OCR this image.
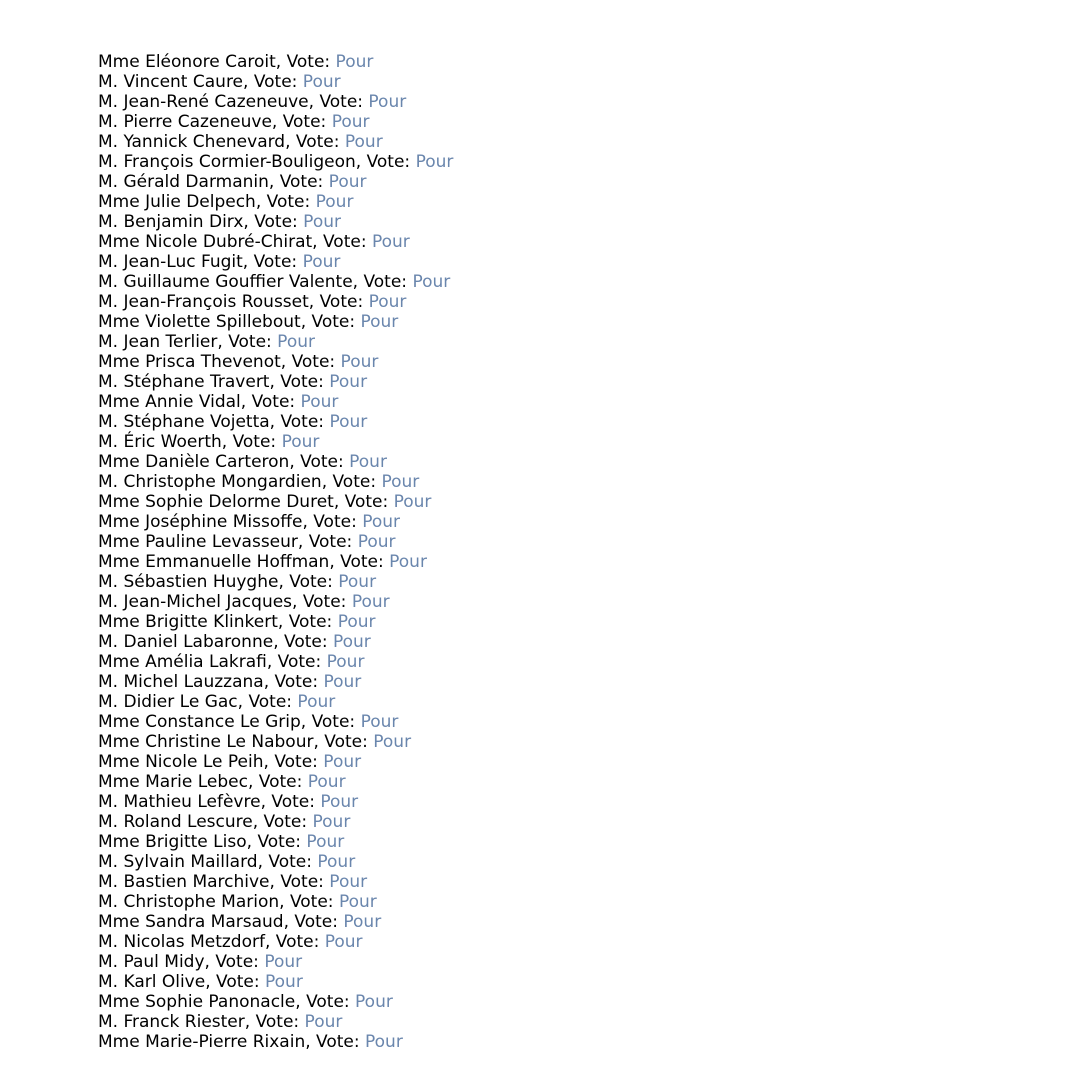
Mme Eléonore Caroit, Vote: Pour
M. Vincent Caure, Vote: Pour
M. Jean-René Cazeneuve, Vote: Pour
M. Pierre Cazeneuve, Vote: Pour
M. Yannick Chenevard, Vote: Pour
M. François Cormier-Bouligeon, Vote: Pour
M. Gérald Darmanin, Vote: Pour
Mme Julie Delpech, Vote: Pour
M. Benjamin Dirx, Vote: Pour
Mme Nicole Dubré-Chirat, Vote: Pour
M. Jean-Luc Fugit, Vote: Pour
M. Guillaume Gouffier Valente, Vote: Pour
M. Jean-François Rousset, Vote: Pour
Mme Violette Spillebout, Vote: Pour
M. Jean Terlier, Vote: Pour
Mme Prisca Thevenot, Vote: Pour
M. Stéphane Travert, Vote: Pour
Mme Annie Vidal, Vote: Pour
M. Stéphane Vojetta, Vote: Pour
M. Éric Woerth, Vote: Pour
Mme Danièle Carteron, Vote: Pour
M. Christophe Mongardien, Vote: Pour
Mme Sophie Delorme Duret, Vote: Pour
Mme Joséphine Missoffe, Vote: Pour
Mme Pauline Levasseur, Vote: Pour
Mme Emmanuelle Hoffman, Vote: Pour
M. Sébastien Huyghe, Vote: Pour
M. Jean-Michel Jacques, Vote: Pour
Mme Brigitte Klinkert, Vote: Pour
M. Daniel Labaronne, Vote: Pour
Mme Amélia Lakrafi, Vote: Pour
M. Michel Lauzzana, Vote: Pour
M. Didier Le Gac, Vote: Pour
Mme Constance Le Grip, Vote: Pour
Mme Christine Le Nabour, Vote: Pour
Mme Nicole Le Peih, Vote: Pour
Mme Marie Lebec, Vote: Pour
M. Mathieu Lefèvre, Vote: Pour
M. Roland Lescure, Vote: Pour
Mme Brigitte Liso, Vote: Pour
M. Sylvain Maillard, Vote: Pour
M. Bastien Marchive, Vote: Pour
M. Christophe Marion, Vote: Pour
Mme Sandra Marsaud, Vote: Pour
M. Nicolas Metzdorf, Vote: Pour
M. Paul Midy, Vote: Pour
M. Karl Olive, Vote: Pour
Mme Sophie Panonacle, Vote: Pour
M. Franck Riester, Vote: Pour
Mme Marie-Pierre Rixain, Vote: Pour
